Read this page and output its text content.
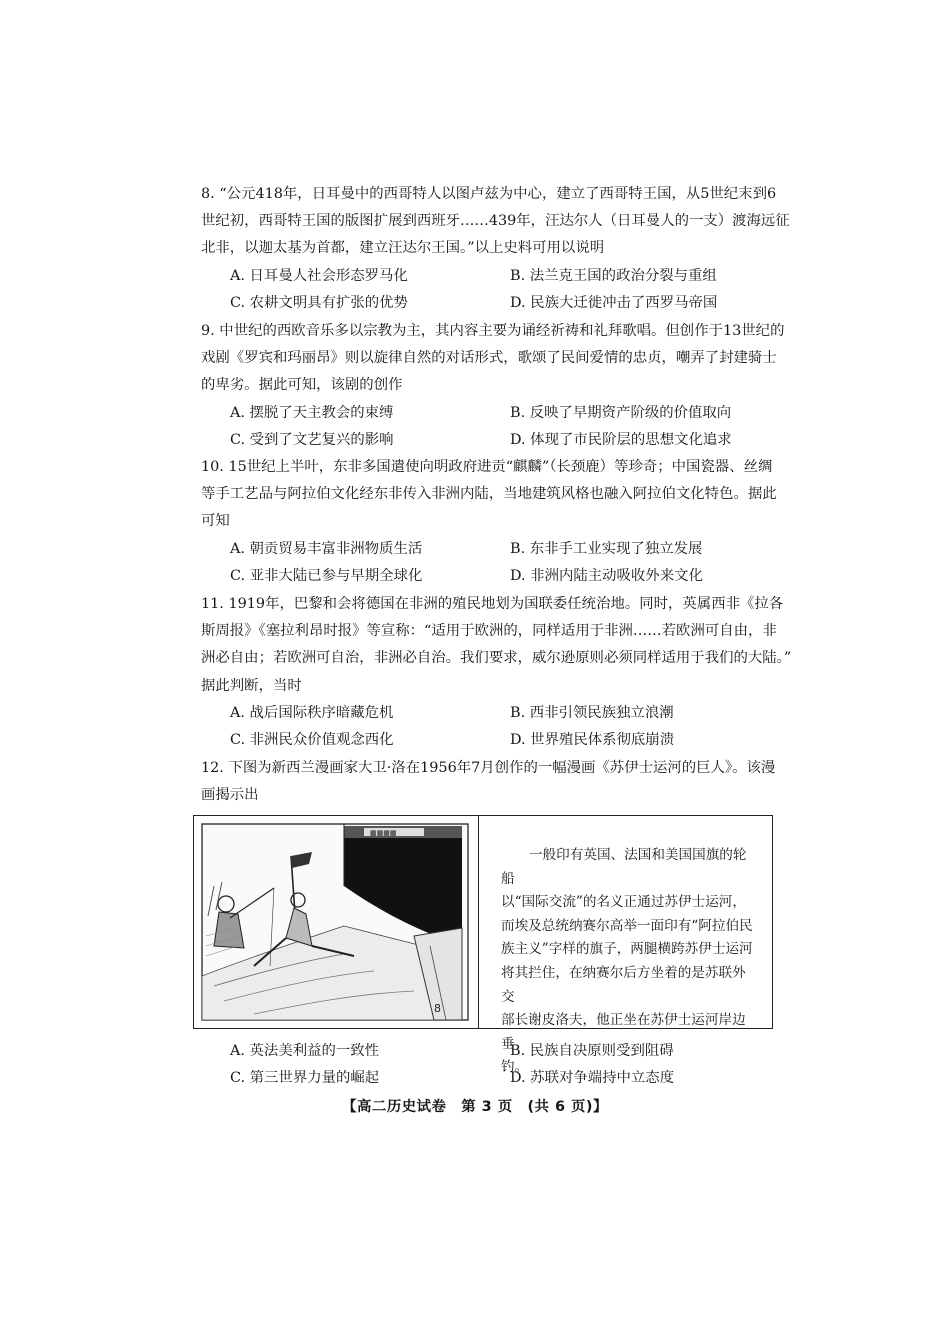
8. “公元418年，日耳曼中的西哥特人以图卢兹为中心，建立了西哥特王国，从5世纪末到6
世纪初，西哥特王国的版图扩展到西班牙……439年，汪达尔人（日耳曼人的一支）渡海远征
北非，以迦太基为首都，建立汪达尔王国。”以上史料可用以说明
A. 日耳曼人社会形态罗马化	B. 法兰克王国的政治分裂与重组
C. 农耕文明具有扩张的优势	D. 民族大迁徙冲击了西罗马帝国
9. 中世纪的西欧音乐多以宗教为主，其内容主要为诵经祈祷和礼拜歌唱。但创作于13世纪的
戏剧《罗宾和玛丽昂》则以旋律自然的对话形式，歌颂了民间爱情的忠贞，嘲弄了封建骑士
的卑劣。据此可知，该剧的创作
A. 摆脱了天主教会的束缚	B. 反映了早期资产阶级的价值取向
C. 受到了文艺复兴的影响	D. 体现了市民阶层的思想文化追求
10. 15世纪上半叶，东非多国遣使向明政府进贡“麒麟”（长颈鹿）等珍奇；中国瓷器、丝绸
等手工艺品与阿拉伯文化经东非传入非洲内陆，当地建筑风格也融入阿拉伯文化特色。据此
可知
A. 朝贡贸易丰富非洲物质生活	B. 东非手工业实现了独立发展
C. 亚非大陆已参与早期全球化	D. 非洲内陆主动吸收外来文化
11. 1919年，巴黎和会将德国在非洲的殖民地划为国联委任统治地。同时，英属西非《拉各
斯周报》《塞拉利昂时报》等宣称：“适用于欧洲的，同样适用于非洲……若欧洲可自由，非
洲必自由；若欧洲可自治，非洲必自治。我们要求，威尔逊原则必须同样适用于我们的大陆。”
据此判断，当时
A. 战后国际秩序暗藏危机	B. 西非引领民族独立浪潮
C. 非洲民众价值观念西化	D. 世界殖民体系彻底崩溃
12. 下图为新西兰漫画家大卫·洛在1956年7月创作的一幅漫画《苏伊士运河的巨人》。该漫
画揭示出
▦▦▦▦
8
一般印有英国、法国和美国国旗的轮船
以“国际交流”的名义正通过苏伊士运河，
而埃及总统纳赛尔高举一面印有“阿拉伯民
族主义”字样的旗子，两腿横跨苏伊士运河
将其拦住，在纳赛尔后方坐着的是苏联外交
部长谢皮洛夫，他正坐在苏伊士运河岸边垂
钓。
A. 英法美利益的一致性	B. 民族自决原则受到阻碍
C. 第三世界力量的崛起	D. 苏联对争端持中立态度
【高二历史试卷　第 3 页　(共 6 页)】
